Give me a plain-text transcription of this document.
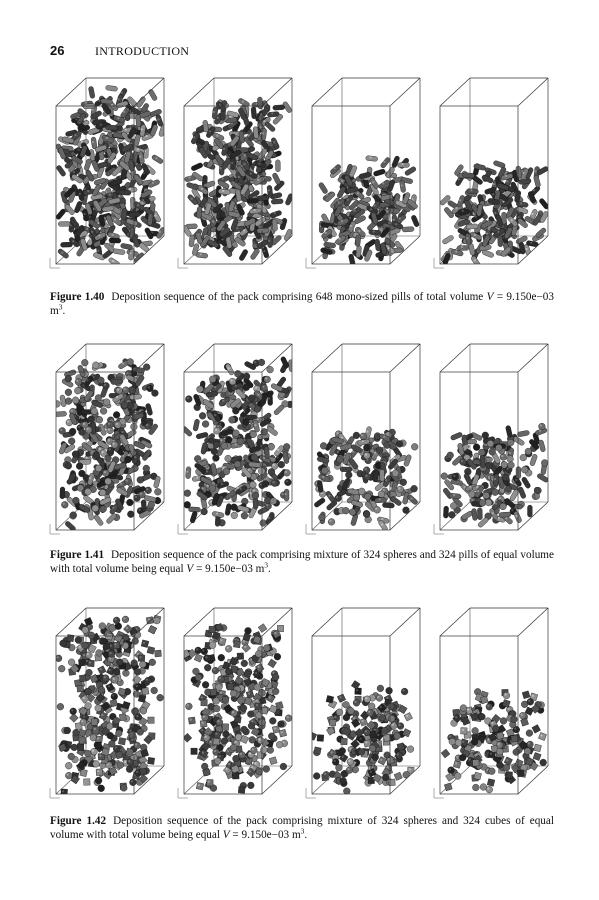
26	INTRODUCTION
Figure 1.40 Deposition sequence of the pack comprising 648 mono-sized pills of total volume V = 9.150e−03 $m^3$.
Figure 1.41 Deposition sequence of the pack comprising mixture of 324 spheres and 324 pills of equal volume with total volume being equal V = 9.150e−03 $m^3$.
Figure 1.42 Deposition sequence of the pack comprising mixture of 324 spheres and 324 cubes of equal volume with total volume being equal V = 9.150e−03 $m^3$.
